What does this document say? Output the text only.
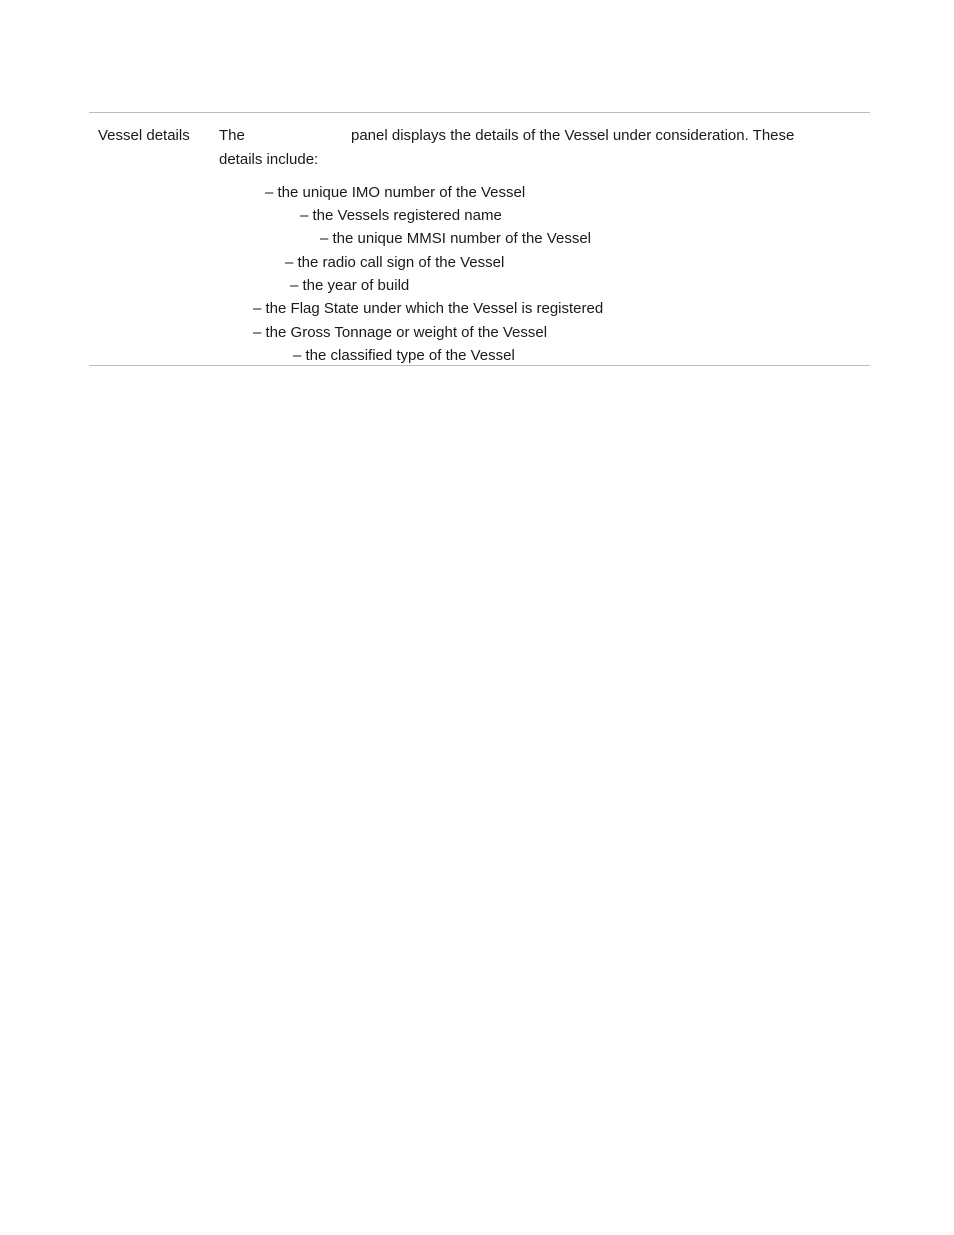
Vessel details The	panel displays the details of the Vessel under consideration. These
details include:
– the unique IMO number of the Vessel
– the Vessels registered name
– the unique MMSI number of the Vessel
– the radio call sign of the Vessel
– the year of build
– the Flag State under which the Vessel is registered
– the Gross Tonnage or weight of the Vessel
– the classified type of the Vessel
